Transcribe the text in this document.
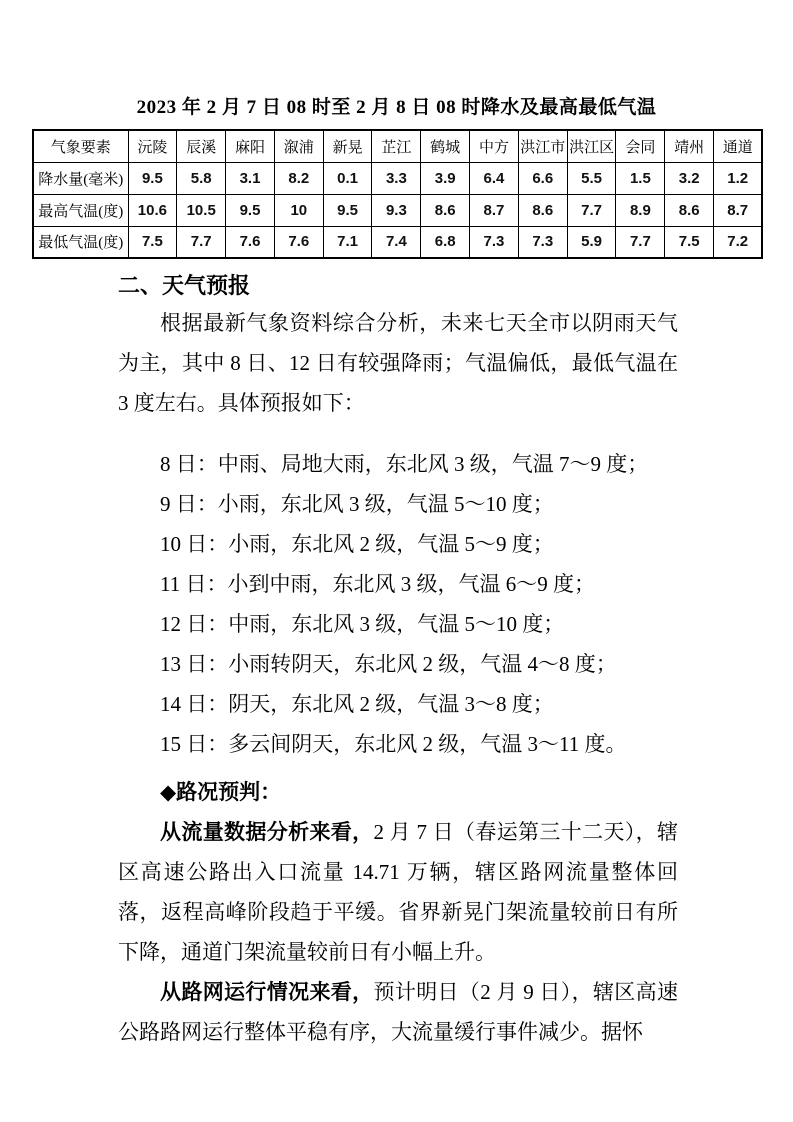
2023 年 2 月 7 日 08 时至 2 月 8 日 08 时降水及最高最低气温
气象要素	沅陵	辰溪	麻阳	溆浦	新晃	芷江	鹤城	中方	洪江市	洪江区	会同	靖州	通道
降水量(毫米)	9.5	5.8	3.1	8.2	0.1	3.3	3.9	6.4	6.6	5.5	1.5	3.2	1.2
最高气温(度)	10.6	10.5	9.5	10	9.5	9.3	8.6	8.7	8.6	7.7	8.9	8.6	8.7
最低气温(度)	7.5	7.7	7.6	7.6	7.1	7.4	6.8	7.3	7.3	5.9	7.7	7.5	7.2
二、天气预报

根据最新气象资料综合分析，未来七天全市以阴雨天气为主，其中 8 日、12 日有较强降雨；气温偏低，最低气温在 3 度左右。具体预报如下：

8 日：中雨、局地大雨，东北风 3 级，气温 7～9 度；
9 日：小雨，东北风 3 级，气温 5～10 度；
10 日：小雨，东北风 2 级，气温 5～9 度；
11 日：小到中雨，东北风 3 级，气温 6～9 度；
12 日：中雨，东北风 3 级，气温 5～10 度；
13 日：小雨转阴天，东北风 2 级，气温 4～8 度；
14 日：阴天，东北风 2 级，气温 3～8 度；
15 日：多云间阴天，东北风 2 级，气温 3～11 度。
◆路况预判：

从流量数据分析来看，2 月 7 日（春运第三十二天），辖区高速公路出入口流量 14.71 万辆，辖区路网流量整体回落，返程高峰阶段趋于平缓。省界新晃门架流量较前日有所下降，通道门架流量较前日有小幅上升。

从路网运行情况来看，预计明日（2 月 9 日），辖区高速公路路网运行整体平稳有序，大流量缓行事件减少。据怀
